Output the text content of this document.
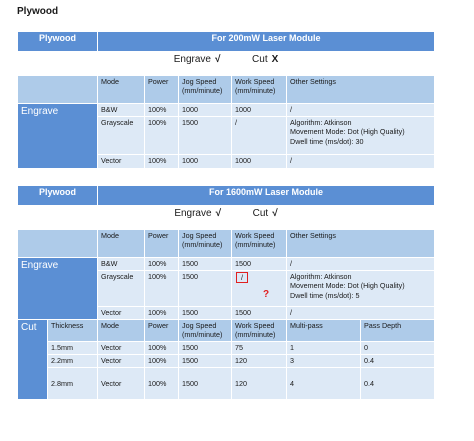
Plywood
Plywood	For 200mW Laser Module				
Engrave √ Cut X					
	Mode	Power	Jog Speed (mm/minute)	Work Speed (mm/minute)	Other Settings
Engrave	B&W	100%	1000	1000	/
	Grayscale	100%	1500	/	Algorithm: Atkinson
Movement Mode: Dot (High Quality)
Dwell time (ms/dot): 30
	Vector	100%	1000	1000	/
Plywood		For 1600mW Laser Module					
Engrave √ Cut √							
		Mode	Power	Jog Speed (mm/minute)	Work Speed (mm/minute)	Other Settings	
Engrave		B&W	100%	1500	1500	/	
		Grayscale	100%	1500	/	Algorithm: Atkinson
Movement Mode: Dot (High Quality)
Dwell time (ms/dot): 5	
		Vector	100%	1500	1500	/	
Cut	Thickness	Mode	Power	Jog Speed (mm/minute)	Work Speed (mm/minute)	Multi-pass	Pass Depth
	1.5mm	Vector	100%	1500	75	1	0
	2.2mm	Vector	100%	1500	120	3	0.4
	2.8mm	Vector	100%	1500	120	4	0.4
?
